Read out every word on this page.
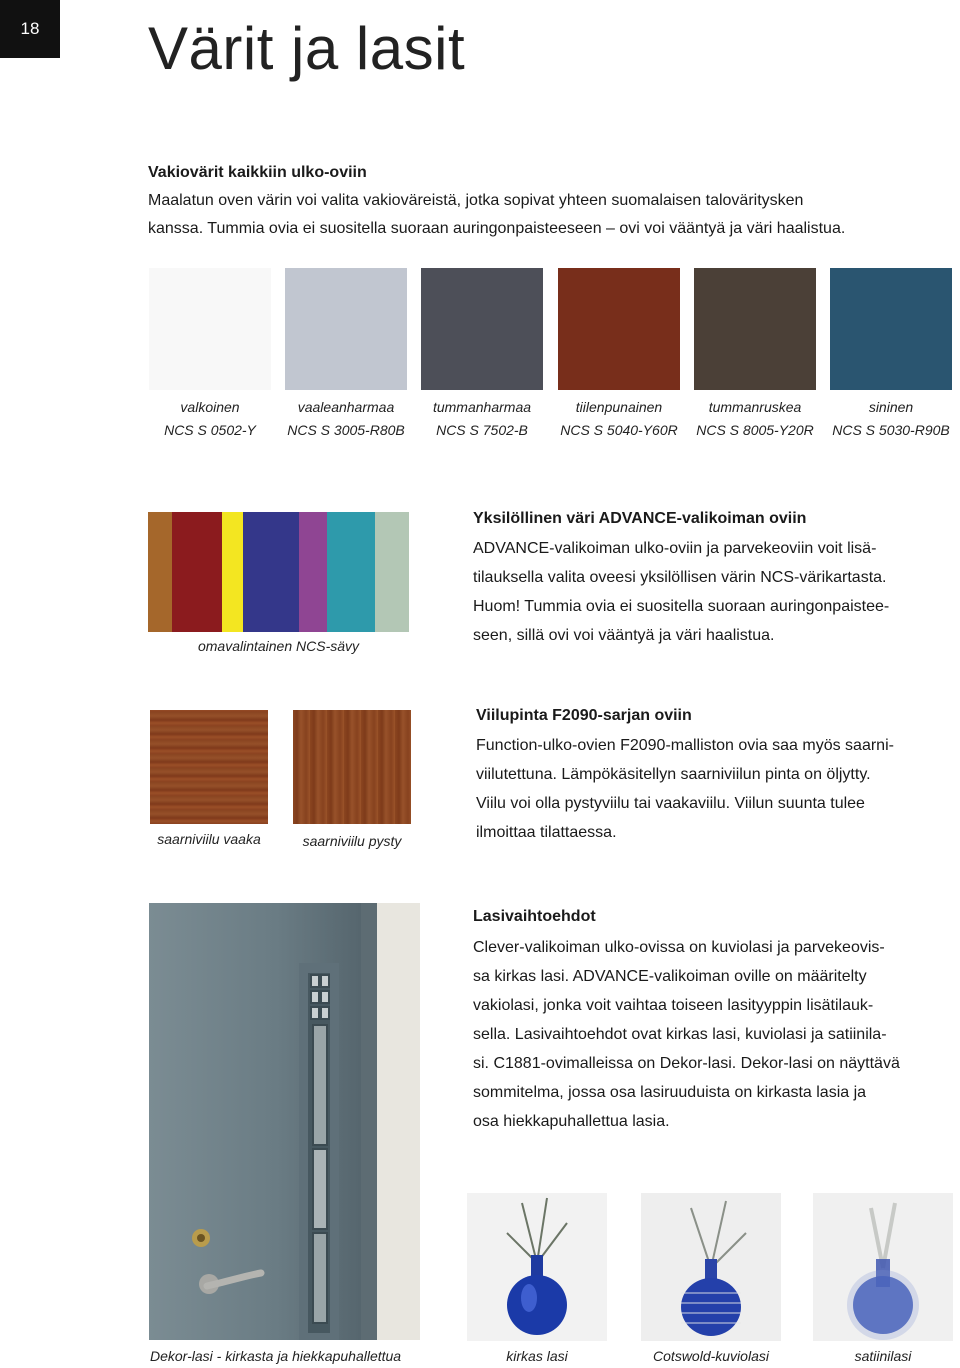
18	Värit ja lasit
Vakiovärit kaikkiin ulko-oviin
Maalatun oven värin voi valita vakioväreistä, jotka sopivat yhteen suomalaisen taloväritysken
kanssa. Tummia ovia ei suositella suoraan auringonpaisteeseen – ovi voi vääntyä ja väri haalistua.
valkoinen
NCS S 0502-Y
vaaleanharmaa
NCS S 3005-R80B
tummanharmaa
NCS S 7502-B
tiilenpunainen
NCS S 5040-Y60R
tummanruskea
NCS S 8005-Y20R
sininen
NCS S 5030-R90B
omavalintainen NCS-sävy
Yksilöllinen väri ADVANCE-valikoiman oviin
ADVANCE-valikoiman ulko-oviin ja parvekeoviin voit lisä-
tilauksella valita oveesi yksilöllisen värin NCS-värikartasta.
Huom! Tummia ovia ei suositella suoraan auringonpaistee-
seen, sillä ovi voi vääntyä ja väri haalistua.
saarniviilu vaaka	saarniviilu pysty
Viilupinta F2090-sarjan oviin
Function-ulko-ovien F2090-malliston ovia saa myös saarni-
viilutettuna. Lämpökäsitellyn saarniviilun pinta on öljytty.
Viilu voi olla pystyviilu tai vaakaviilu. Viilun suunta tulee
ilmoittaa tilattaessa.
Dekor-lasi - kirkasta ja hiekkapuhallettua
Lasivaihtoehdot
Clever-valikoiman ulko-ovissa on kuviolasi ja parvekeovis-
sa kirkas lasi. ADVANCE-valikoiman oville on määritelty
vakiolasi, jonka voit vaihtaa toiseen lasityyppin lisätilauk-
sella. Lasivaihtoehdot ovat kirkas lasi, kuviolasi ja satiinila-
si. C1881-ovimalleissa on Dekor-lasi. Dekor-lasi on näyttävä
sommitelma, jossa osa lasiruuduista on kirkasta lasia ja
osa hiekkapuhallettua lasia.
kirkas lasi	Cotswold-kuviolasi	satiinilasi
